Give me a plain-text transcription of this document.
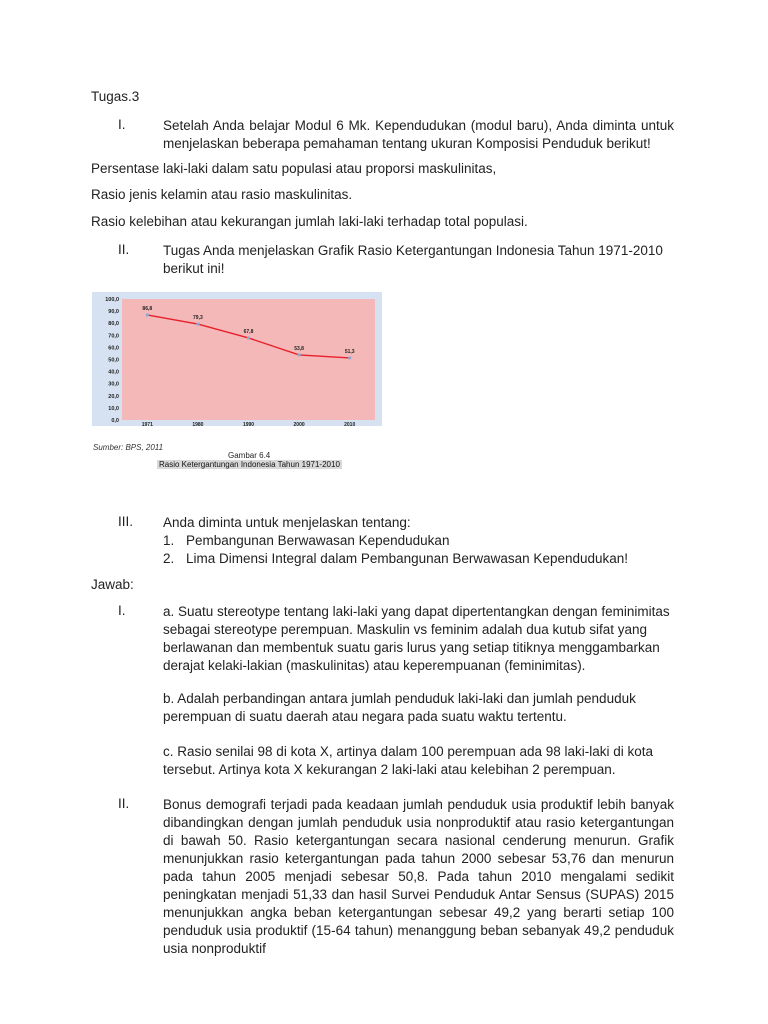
Tugas.3
I.	Setelah Anda belajar Modul 6 Mk. Kependudukan (modul baru), Anda diminta untuk menjelaskan beberapa pemahaman tentang ukuran Komposisi Penduduk berikut!
Persentase laki-laki dalam satu populasi atau proporsi maskulinitas,
Rasio jenis kelamin atau rasio maskulinitas.
Rasio kelebihan atau kekurangan jumlah laki-laki terhadap total populasi.
II.	Tugas Anda menjelaskan Grafik Rasio Ketergantungan Indonesia Tahun 1971-2010
berikut ini!
0,0
10,0
20,0
30,0
40,0
50,0
60,0
70,0
80,0
90,0
100,0
1971	1980	1990	2000	2010
86,8
79,3
67,8
53,8
51,3
Sumber: BPS, 2011
Gambar 6.4
Rasio Ketergantungan Indonesia Tahun 1971-2010
III.	Anda diminta untuk menjelaskan tentang:
1. Pembangunan Berwawasan Kependudukan
2. Lima Dimensi Integral dalam Pembangunan Berwawasan Kependudukan!
Jawab:
I.	a. Suatu stereotype tentang laki-laki yang dapat dipertentangkan dengan feminimitas
sebagai stereotype perempuan. Maskulin vs feminim adalah dua kutub sifat yang
berlawanan dan membentuk suatu garis lurus yang setiap titiknya menggambarkan
derajat kelaki-lakian (maskulinitas) atau keperempuanan (feminimitas).
b. Adalah perbandingan antara jumlah penduduk laki-laki dan jumlah penduduk
perempuan di suatu daerah atau negara pada suatu waktu tertentu.
c. Rasio senilai 98 di kota X, artinya dalam 100 perempuan ada 98 laki-laki di kota
tersebut. Artinya kota X kekurangan 2 laki-laki atau kelebihan 2 perempuan.
II.	Bonus demografi terjadi pada keadaan jumlah penduduk usia produktif lebih banyak dibandingkan dengan jumlah penduduk usia nonproduktif atau rasio ketergantungan di bawah 50. Rasio ketergantungan secara nasional cenderung menurun. Grafik menunjukkan rasio ketergantungan pada tahun 2000 sebesar 53,76 dan menurun pada tahun 2005 menjadi sebesar 50,8. Pada tahun 2010 mengalami sedikit peningkatan menjadi 51,33 dan hasil Survei Penduduk Antar Sensus (SUPAS) 2015 menunjukkan angka beban ketergantungan sebesar 49,2 yang berarti setiap 100 penduduk usia produktif (15-64 tahun) menanggung beban sebanyak 49,2 penduduk usia nonproduktif
